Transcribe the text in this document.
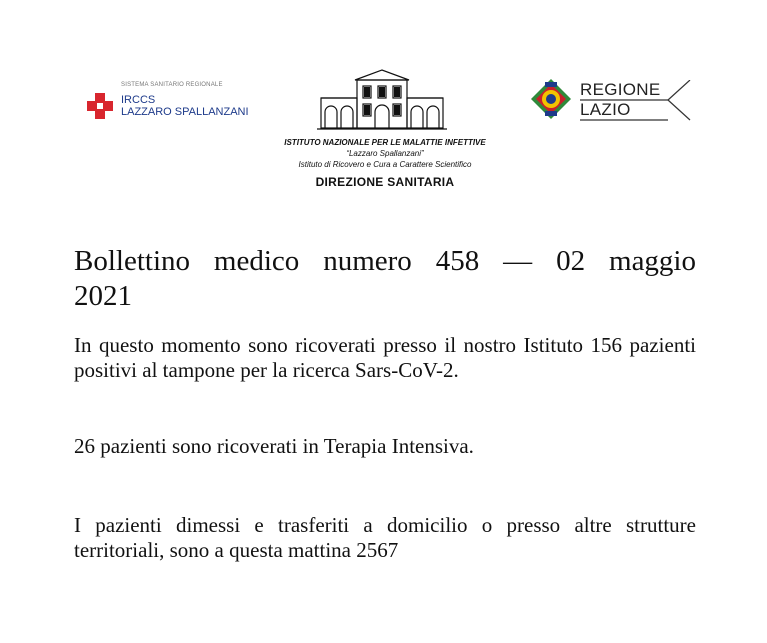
SISTEMA SANITARIO REGIONALE
IRCCS
LAZZARO SPALLANZANI
ISTITUTO NAZIONALE PER LE MALATTIE INFETTIVE
“Lazzaro Spallanzani”
Istituto di Ricovero e Cura a Carattere Scientifico
DIREZIONE SANITARIA
REGIONE
LAZIO
Bollettino medico numero 458 — 02 maggio 2021
In questo momento sono ricoverati presso il nostro Istituto 156 pazienti positivi al tampone per la ricerca Sars-CoV-2.
26 pazienti sono ricoverati in Terapia Intensiva.
I pazienti dimessi e trasferiti a domicilio o presso altre strutture territoriali, sono a questa mattina 2567
